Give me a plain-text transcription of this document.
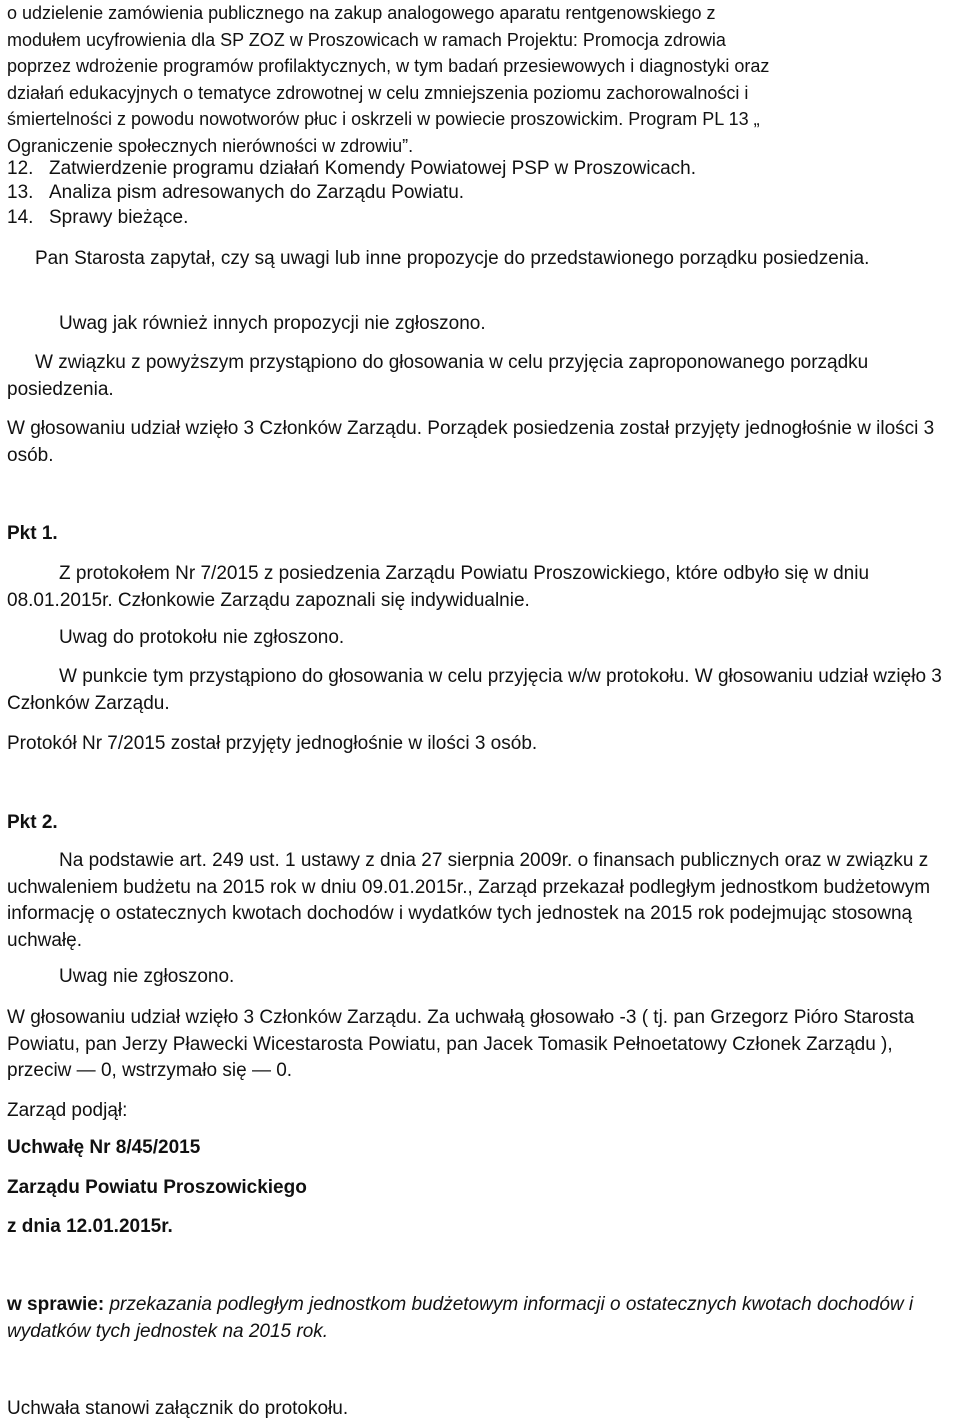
o udzielenie zamówienia publicznego na zakup analogowego aparatu rentgenowskiego z

modułem ucyfrowienia dla SP ZOZ w Proszowicach w ramach Projektu: Promocja zdrowia

poprzez wdrożenie programów profilaktycznych, w tym badań przesiewowych i diagnostyki oraz

działań edukacyjnych o tematyce zdrowotnej w celu zmniejszenia poziomu zachorowalności i

śmiertelności z powodu nowotworów płuc i oskrzeli w powiecie proszowickim. Program PL 13 „

Ograniczenie społecznych nierówności w zdrowiu”.

12. Zatwierdzenie programu działań Komendy Powiatowej PSP w Proszowicach.
13. Analiza pism adresowanych do Zarządu Powiatu.
14. Sprawy bieżące.

Pan Starosta zapytał, czy są uwagi lub inne propozycje do przedstawionego porządku posiedzenia.

Uwag jak również innych propozycji nie zgłoszono.

W związku z powyższym przystąpiono do głosowania w celu przyjęcia zaproponowanego porządku posiedzenia.

W głosowaniu udział wzięło 3 Członków Zarządu. Porządek posiedzenia został przyjęty jednogłośnie w ilości 3 osób.

Pkt 1.

Z protokołem Nr 7/2015 z posiedzenia Zarządu Powiatu Proszowickiego, które odbyło się w dniu 08.01.2015r. Członkowie Zarządu zapoznali się indywidualnie.

Uwag do protokołu nie zgłoszono.

W punkcie tym przystąpiono do głosowania w celu przyjęcia w/w protokołu. W głosowaniu udział wzięło 3 Członków Zarządu.

Protokół Nr 7/2015 został przyjęty jednogłośnie w ilości 3 osób.

Pkt 2.

Na podstawie art. 249 ust. 1 ustawy z dnia 27 sierpnia 2009r. o finansach publicznych oraz w związku z uchwaleniem budżetu na 2015 rok w dniu 09.01.2015r., Zarząd przekazał podległym jednostkom budżetowym informację o ostatecznych kwotach dochodów i wydatków tych jednostek na 2015 rok podejmując stosowną uchwałę.

Uwag nie zgłoszono.

W głosowaniu udział wzięło 3 Członków Zarządu. Za uchwałą głosowało -3 ( tj. pan Grzegorz Pióro Starosta Powiatu, pan Jerzy Pławecki Wicestarosta Powiatu, pan Jacek Tomasik Pełnoetatowy Członek Zarządu ), przeciw — 0, wstrzymało się — 0.

Zarząd podjął:

Uchwałę Nr 8/45/2015

Zarządu Powiatu Proszowickiego

z dnia 12.01.2015r.

w sprawie: przekazania podległym jednostkom budżetowym informacji o ostatecznych kwotach dochodów i wydatków tych jednostek na 2015 rok.

Uchwała stanowi załącznik do protokołu.
